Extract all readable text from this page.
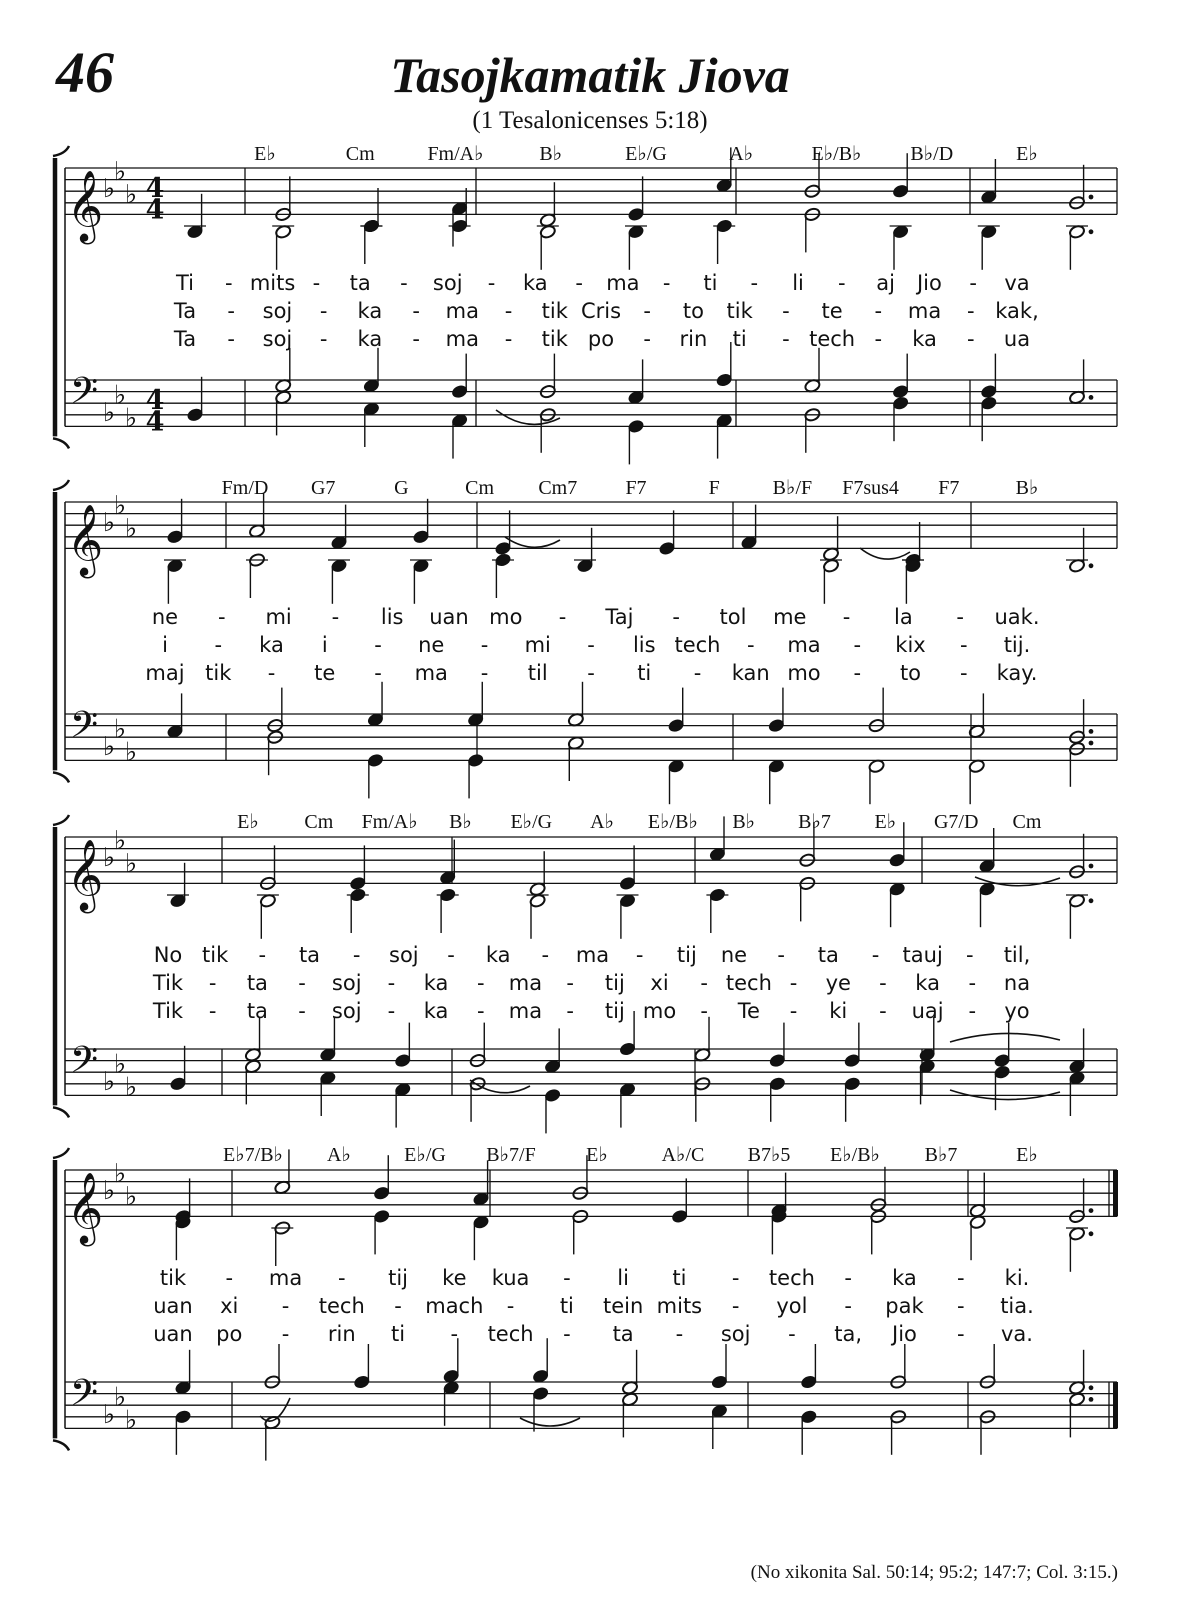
46	Tasojkamatik Jiova
(1 Tesalonicenses 5:18)
(No xikonita Sal. 50:14; 95:2; 147:7; Col. 3:15.)
E♭	Cm	Fm/A♭	B♭	E♭/G	A♭	E♭/B♭ B♭/D	E♭
Ti - mits - ta - soj - ka - ma - ti - li - aj Jio - va
Ta - soj - ka - ma - tik Cris - to tik - te - ma - kak,
Ta - soj - ka - ma - tik po - rin ti - tech - ka - ua
𝄞 ♭
♭
♭ 4
4
𝄢 ♭
♭
♭
4
4
Fm/D G7	G	Cm Cm7 F7	F	B♭/F F7sus4 F7	B♭
ne - mi - lis uan mo - Taj - tol me - la - uak.
i - ka i - ne - mi - lis tech - ma - kix - tij.
maj tik - te - ma - til - ti - kan mo - to - kay.
𝄞 ♭
♭
♭
𝄢 ♭
♭
♭
E♭ Cm Fm/A♭ B♭ E♭/G A♭ E♭/B♭ B♭ B♭7 E♭ G7/D Cm
No tik - ta - soj - ka - ma - tij ne - ta - tauj - til,
Tik - ta - soj - ka - ma - tij xi - tech - ye - ka - na
Tik - ta - soj - ka - ma - tij mo - Te - ki - uaj - yo
𝄞 ♭
♭
♭
𝄢 ♭
♭
♭
E♭7/B♭ A♭	E♭/G B♭7/F	E♭	A♭/C B7♭5 E♭/B♭ B♭7	E♭
tik - ma - tij ke kua - li ti - tech - ka - ki.
uan xi - tech - mach - ti tein mits - yol - pak - tia.
uan po - rin ti - tech - ta - soj - ta, Jio - va.
𝄞 ♭
♭
♭
𝄢 ♭
♭
♭
